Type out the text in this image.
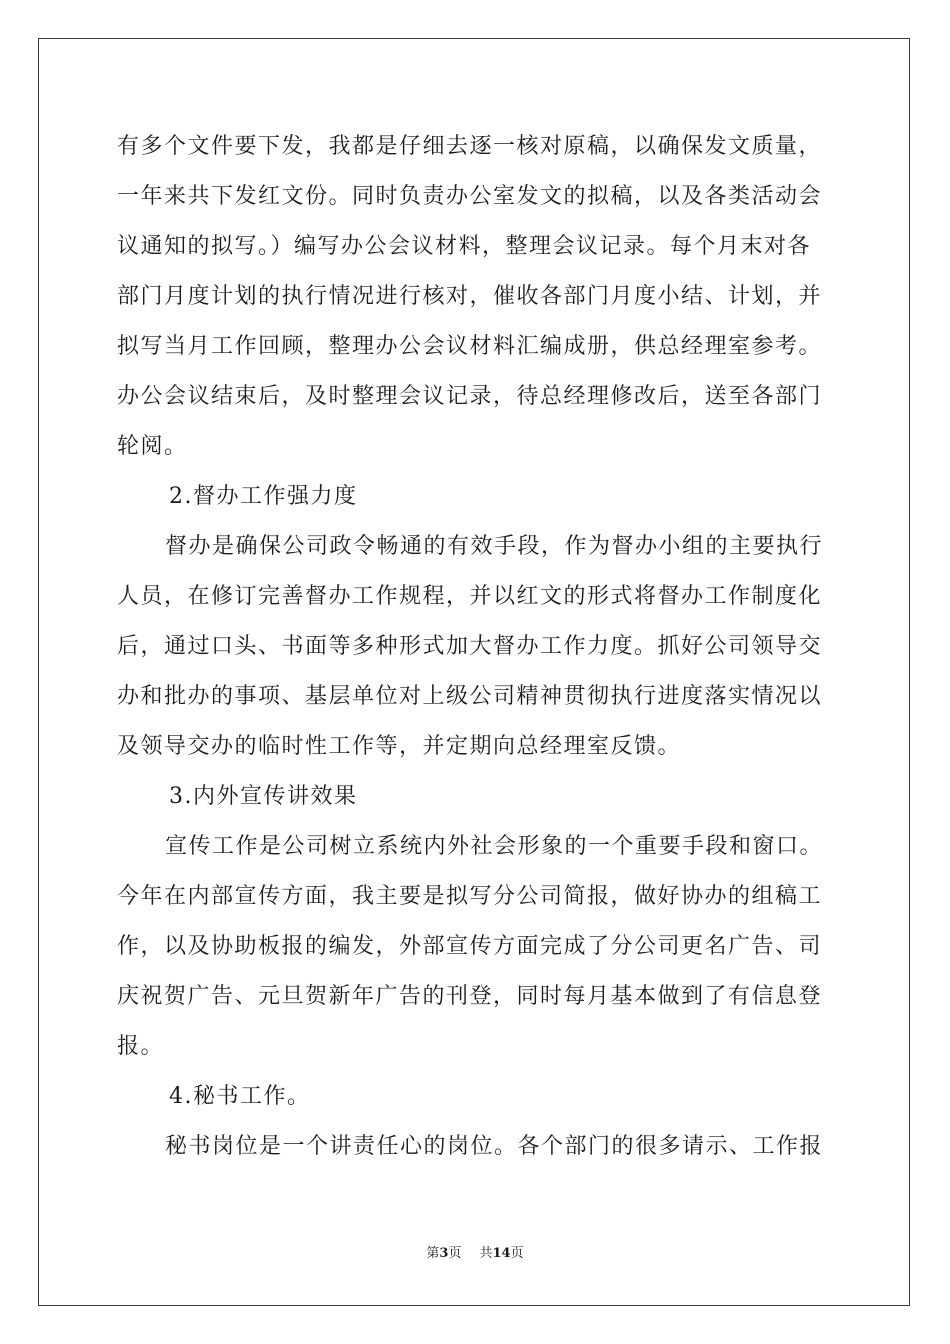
有多个文件要下发，我都是仔细去逐一核对原稿，以确保发文质量，
一年来共下发红文份。同时负责办公室发文的拟稿，以及各类活动会
议通知的拟写。）编写办公会议材料，整理会议记录。每个月末对各
部门月度计划的执行情况进行核对，催收各部门月度小结、计划，并
拟写当月工作回顾，整理办公会议材料汇编成册，供总经理室参考。
办公会议结束后，及时整理会议记录，待总经理修改后，送至各部门
轮阅。
2.督办工作强力度
督办是确保公司政令畅通的有效手段，作为督办小组的主要执行
人员，在修订完善督办工作规程，并以红文的形式将督办工作制度化
后，通过口头、书面等多种形式加大督办工作力度。抓好公司领导交
办和批办的事项、基层单位对上级公司精神贯彻执行进度落实情况以
及领导交办的临时性工作等，并定期向总经理室反馈。
3.内外宣传讲效果
宣传工作是公司树立系统内外社会形象的一个重要手段和窗口。
今年在内部宣传方面，我主要是拟写分公司简报，做好协办的组稿工
作，以及协助板报的编发，外部宣传方面完成了分公司更名广告、司
庆祝贺广告、元旦贺新年广告的刊登，同时每月基本做到了有信息登
报。
4.秘书工作。
秘书岗位是一个讲责任心的岗位。各个部门的很多请示、工作报
第3页 共14页
